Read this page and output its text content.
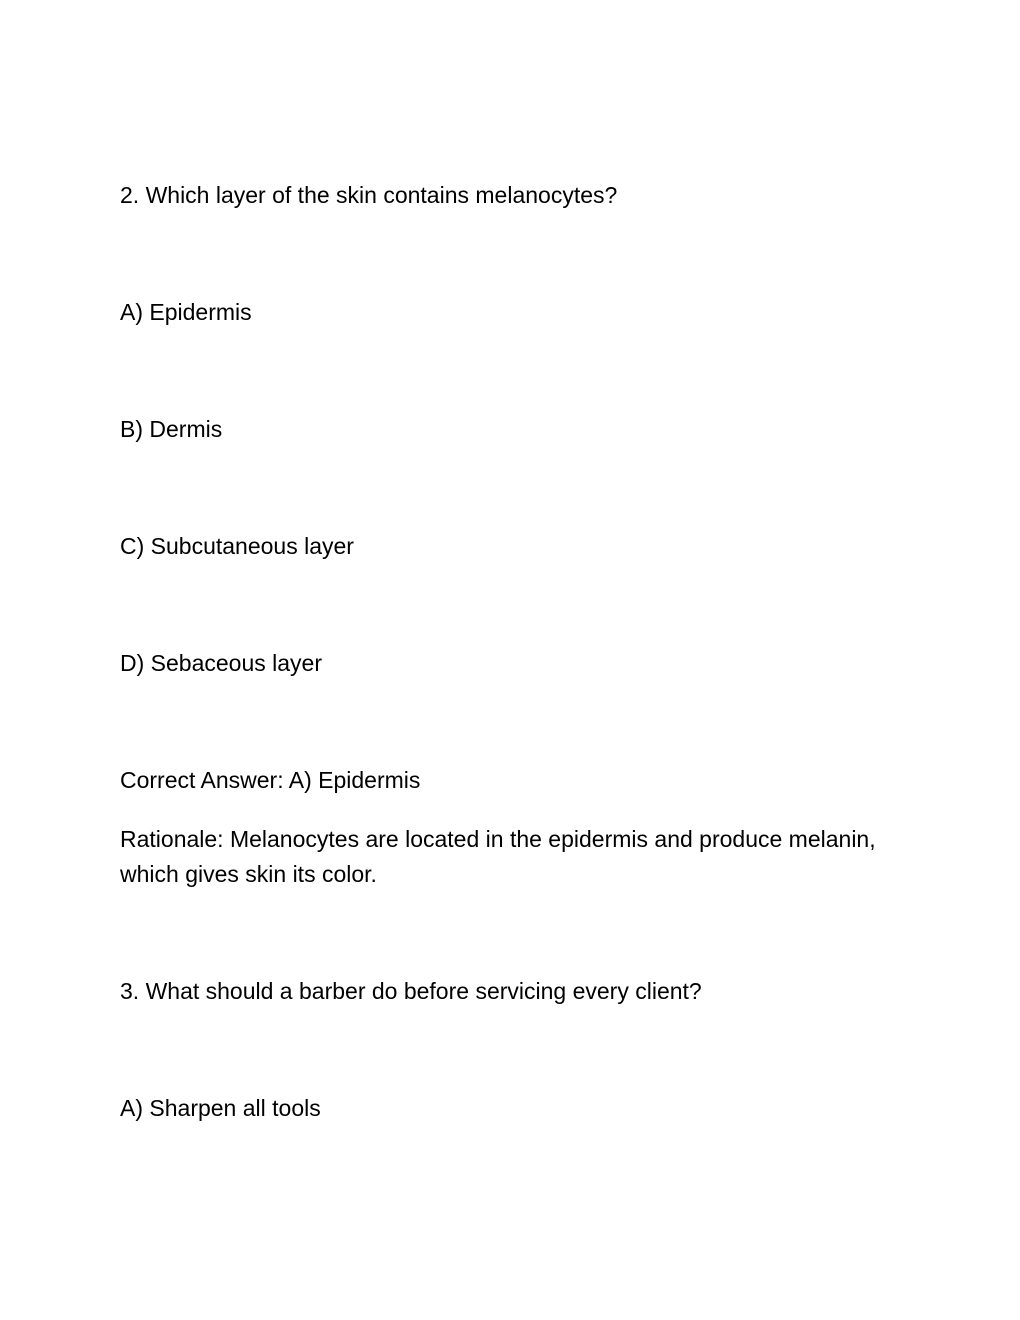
2. Which layer of the skin contains melanocytes?

A) Epidermis

B) Dermis

C) Subcutaneous layer

D) Sebaceous layer

Correct Answer: A) Epidermis

Rationale: Melanocytes are located in the epidermis and produce melanin, which gives skin its color.

3. What should a barber do before servicing every client?

A) Sharpen all tools
